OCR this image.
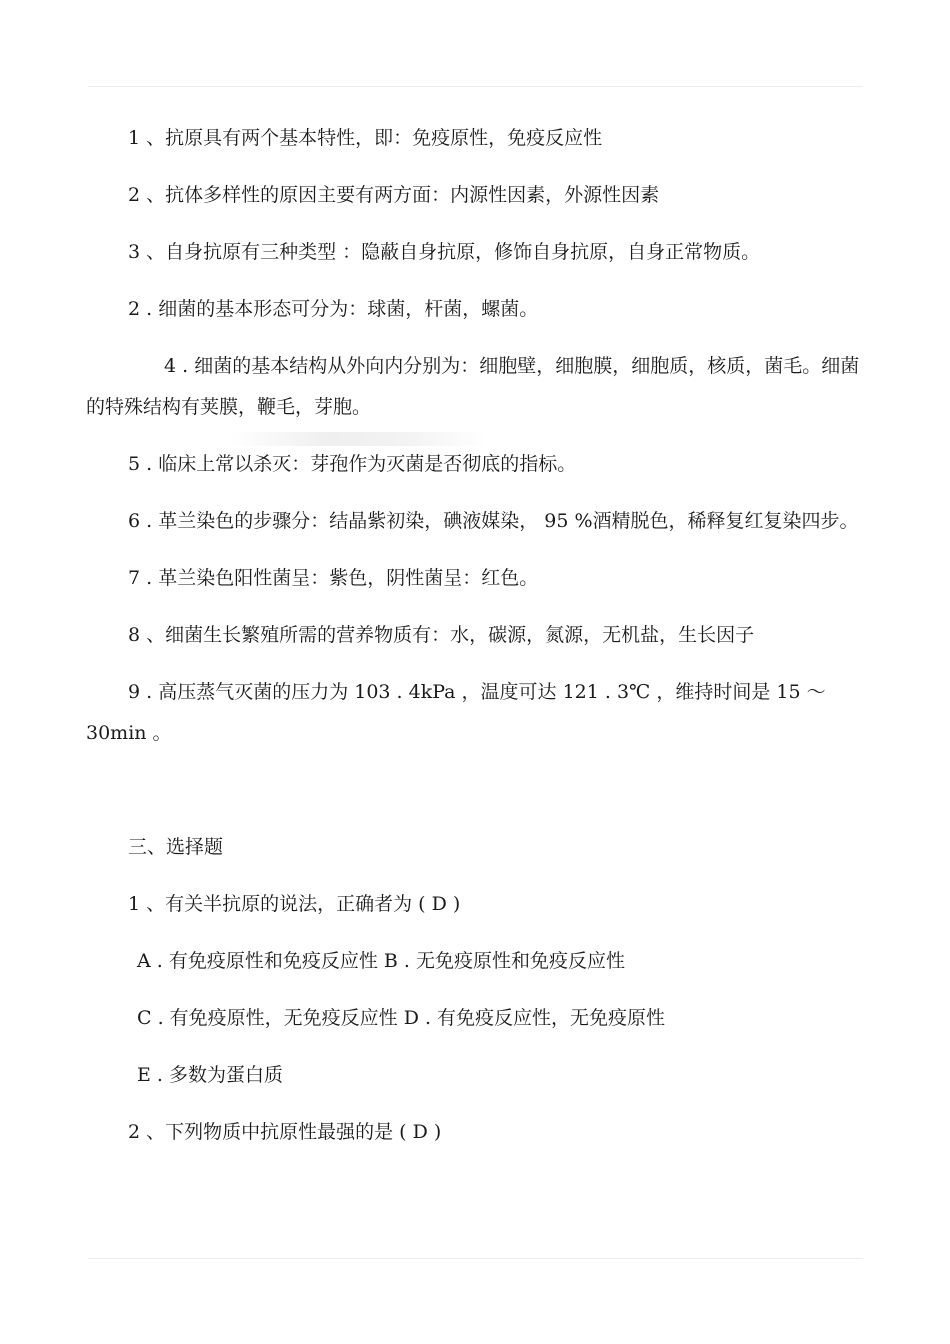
1 、抗原具有两个基本特性，即：免疫原性，免疫反应性

2 、抗体多样性的原因主要有两方面：内源性因素，外源性因素

3 、自身抗原有三种类型 ：隐蔽自身抗原，修饰自身抗原，自身正常物质。

2 . 细菌的基本形态可分为：球菌，杆菌，螺菌。

4 . 细菌的基本结构从外向内分别为：细胞壁，细胞膜，细胞质，核质，菌毛。细菌的特殊结构有荚膜，鞭毛，芽胞。

5 . 临床上常以杀灭：芽孢作为灭菌是否彻底的指标。

6 . 革兰染色的步骤分：结晶紫初染，碘液媒染， 95 %酒精脱色，稀释复红复染四步。

7 . 革兰染色阳性菌呈：紫色，阴性菌呈：红色。

8 、细菌生长繁殖所需的营养物质有：水，碳源，氮源，无机盐，生长因子

9 . 高压蒸气灭菌的压力为 103 . 4kPa ，温度可达 121 . 3℃ ，维持时间是 15 ～ 30min 。

三、选择题

1 、有关半抗原的说法，正确者为 ( D )

A . 有免疫原性和免疫反应性 B . 无免疫原性和免疫反应性

C . 有免疫原性，无免疫反应性 D . 有免疫反应性，无免疫原性

E . 多数为蛋白质

2 、下列物质中抗原性最强的是 ( D )
